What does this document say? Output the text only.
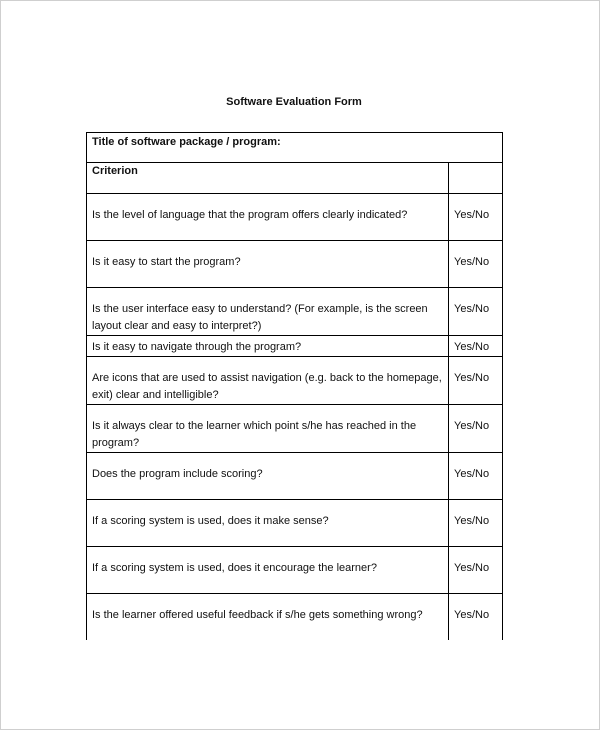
Software Evaluation Form
Title of software package / program:	
Criterion	
Is the level of language that the program offers clearly indicated?	Yes/No
Is it easy to start the program?	Yes/No
Is the user interface easy to understand? (For example, is the screen layout clear and easy to interpret?)	Yes/No
Is it easy to navigate through the program?	Yes/No
Are icons that are used to assist navigation (e.g. back to the homepage, exit) clear and intelligible?	Yes/No
Is it always clear to the learner which point s/he has reached in the program?	Yes/No
Does the program include scoring?	Yes/No
If a scoring system is used, does it make sense?	Yes/No
If a scoring system is used, does it encourage the learner?	Yes/No
Is the learner offered useful feedback if s/he gets something wrong?	Yes/No
